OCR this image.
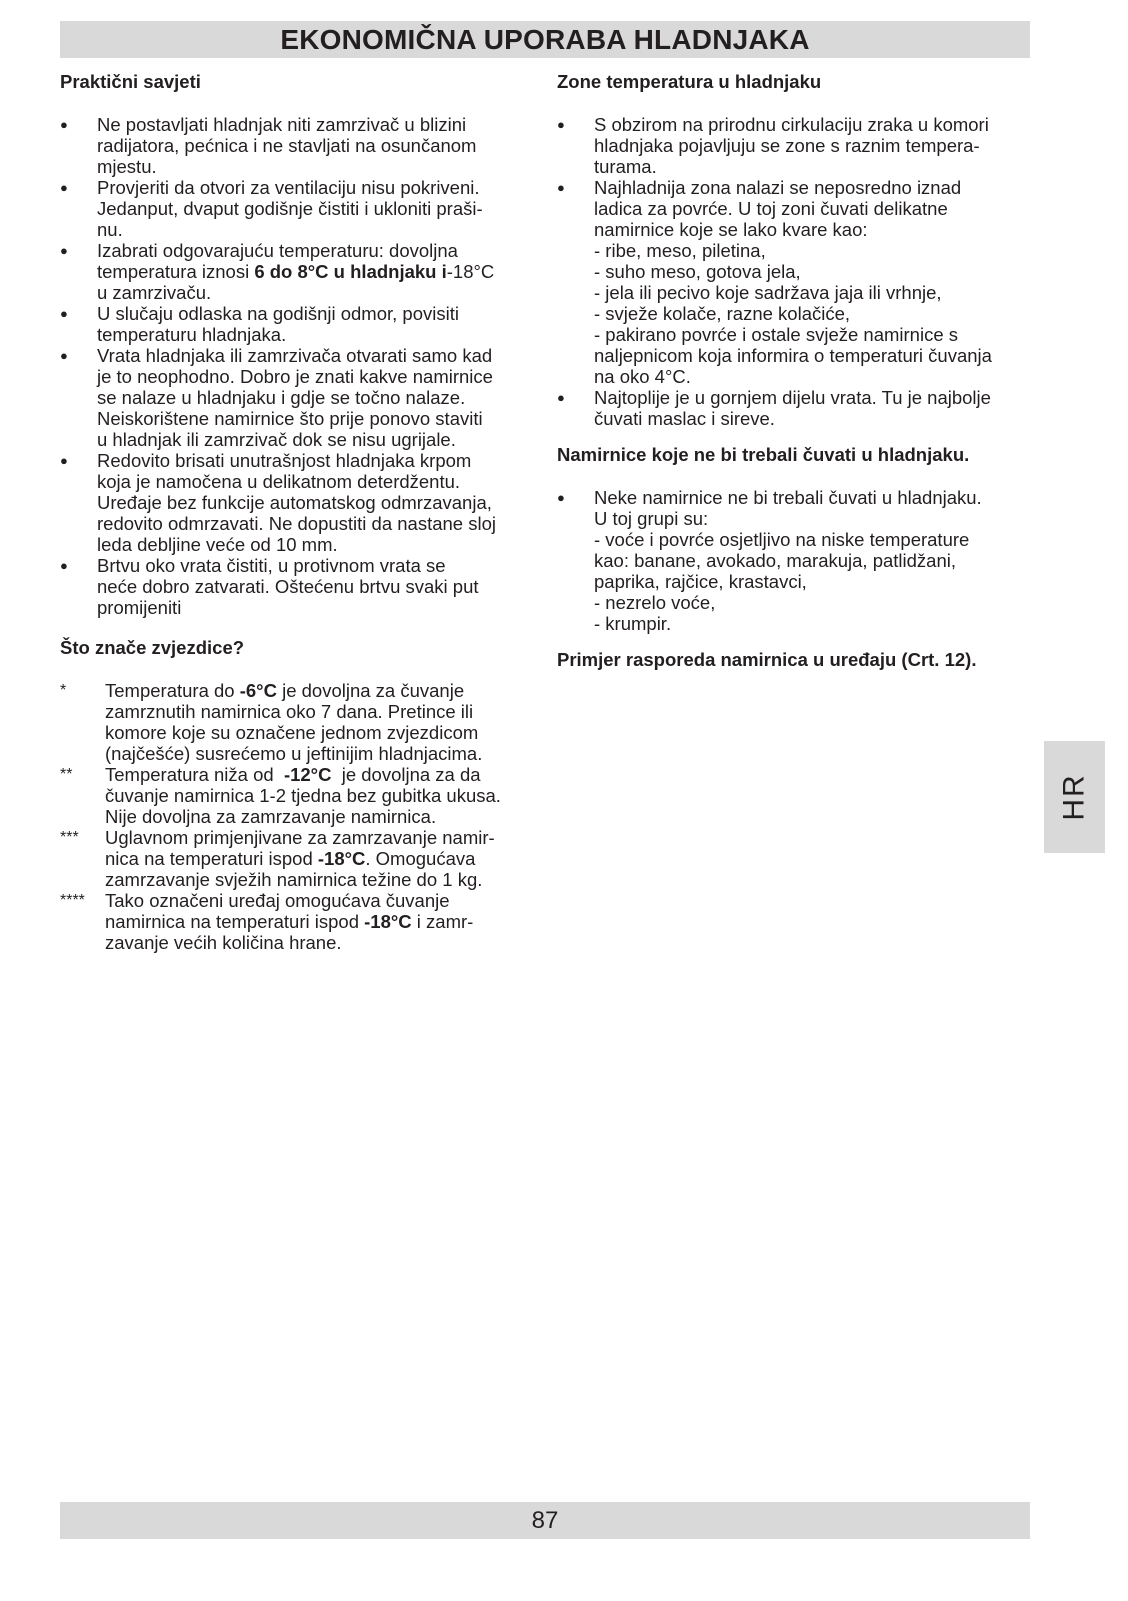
EKONOMIČNA UPORABA HLADNJAKA
Praktični savjeti
● Ne postavljati hladnjak niti zamrzivač u blizini
radijatora, pećnica i ne stavljati na osunčanom
mjestu.
● Provjeriti da otvori za ventilaciju nisu pokriveni.
Jedanput, dvaput godišnje čistiti i ukloniti praši-
nu.
● Izabrati odgovarajuću temperaturu: dovoljna
temperatura iznosi 6 do 8°C u hladnjaku i-18°C
u zamrzivaču.
● U slučaju odlaska na godišnji odmor, povisiti
temperaturu hladnjaka.
● Vrata hladnjaka ili zamrzivača otvarati samo kad
je to neophodno. Dobro je znati kakve namirnice
se nalaze u hladnjaku i gdje se točno nalaze.
Neiskorištene namirnice što prije ponovo staviti
u hladnjak ili zamrzivač dok se nisu ugrijale.
● Redovito brisati unutrašnjost hladnjaka krpom
koja je namočena u delikatnom deterdžentu.
Uređaje bez funkcije automatskog odmrzavanja,
redovito odmrzavati. Ne dopustiti da nastane sloj
leda debljine veće od 10 mm.
● Brtvu oko vrata čistiti, u protivnom vrata se
neće dobro zatvarati. Oštećenu brtvu svaki put
promijeniti
Što znače zvjezdice?
*	Temperatura do -6°C je dovoljna za čuvanje
zamrznutih namirnica oko 7 dana. Pretince ili
komore koje su označene jednom zvjezdicom
(najčešće) susrećemo u jeftinijim hladnjacima.
**	Temperatura niža od  -12°C  je dovoljna za da
čuvanje namirnica 1-2 tjedna bez gubitka ukusa.
Nije dovoljna za zamrzavanje namirnica.
***	Uglavnom primjenjivane za zamrzavanje namir-
nica na temperaturi ispod -18°C. Omogućava
zamrzavanje svježih namirnica težine do 1 kg.
****	Tako označeni uređaj omogućava čuvanje
namirnica na temperaturi ispod -18°C i zamr-
zavanje većih količina hrane.
Zone temperatura u hladnjaku
● S obzirom na prirodnu cirkulaciju zraka u komori
hladnjaka pojavljuju se zone s raznim tempera-
turama.
● Najhladnija zona nalazi se neposredno iznad
ladica za povrće. U toj zoni čuvati delikatne
namirnice koje se lako kvare kao:
- ribe, meso, piletina,
- suho meso, gotova jela,
- jela ili pecivo koje sadržava jaja ili vrhnje,
- svježe kolače, razne kolačiće,
- pakirano povrće i ostale svježe namirnice s
naljepnicom koja informira o temperaturi čuvanja
na oko 4°C.
● Najtoplije je u gornjem dijelu vrata. Tu je najbolje
čuvati maslac i sireve.
Namirnice koje ne bi trebali čuvati u hladnjaku.
● Neke namirnice ne bi trebali čuvati u hladnjaku.
U toj grupi su:
- voće i povrće osjetljivo na niske temperature
kao: banane, avokado, marakuja, patlidžani,
paprika, rajčice, krastavci,
- nezrelo voće,
- krumpir.
Primjer rasporeda namirnica u uređaju (Crt. 12).
HR
87
